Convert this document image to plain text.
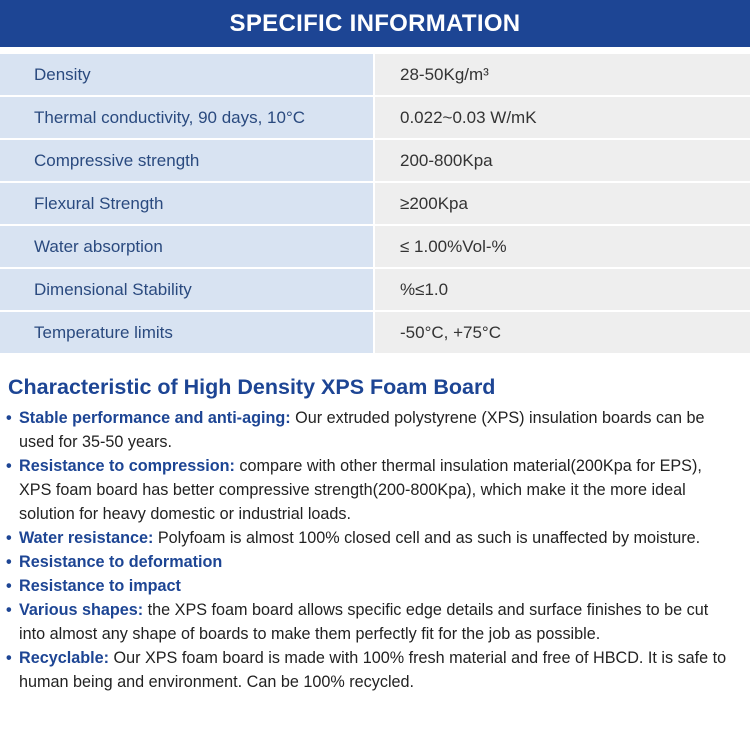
SPECIFIC INFORMATION
Density	28-50Kg/m³
Thermal conductivity, 90 days, 10°C	0.022~0.03 W/mK
Compressive strength	200-800Kpa
Flexural Strength	≥200Kpa
Water absorption	≤ 1.00%Vol-%
Dimensional Stability	%≤1.0
Temperature limits	-50°C, +75°C
Characteristic of High Density XPS Foam Board
• Stable performance and anti-aging: Our extruded polystyrene (XPS) insulation boards can be used for 35-50 years.
• Resistance to compression: compare with other thermal insulation material(200Kpa for EPS), XPS foam board has better compressive strength(200-800Kpa), which make it the more ideal solution for heavy domestic or industrial loads.
• Water resistance: Polyfoam is almost 100% closed cell and as such is unaffected by moisture.
• Resistance to deformation
• Resistance to impact
• Various shapes: the XPS foam board allows specific edge details and surface finishes to be cut into almost any shape of boards to make them perfectly fit for the job as possible.
• Recyclable: Our XPS foam board is made with 100% fresh material and free of HBCD. It is safe to human being and environment. Can be 100% recycled.
